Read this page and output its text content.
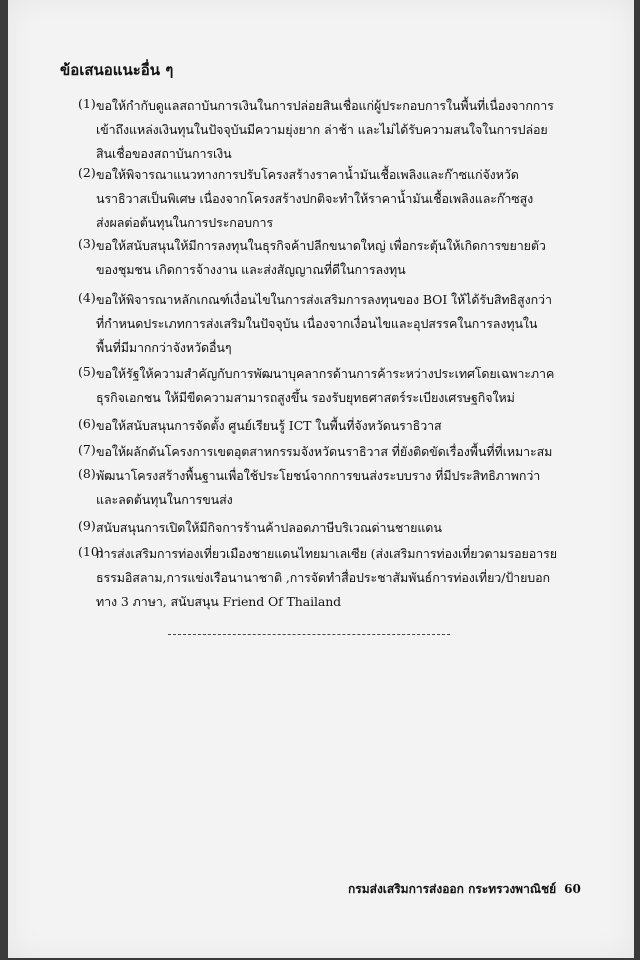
ข้อเสนอแนะอื่น ๆ
(1) ขอให้กำกับดูแลสถาบันการเงินในการปล่อยสินเชื่อแก่ผู้ประกอบการในพื้นที่เนื่องจากการ
เข้าถึงแหล่งเงินทุนในปัจจุบันมีความยุ่งยาก ล่าช้า และไม่ได้รับความสนใจในการปล่อย
สินเชื่อของสถาบันการเงิน
(2) ขอให้พิจารณาแนวทางการปรับโครงสร้างราคาน้ำมันเชื้อเพลิงและก๊าซแก่จังหวัด
นราธิวาสเป็นพิเศษ เนื่องจากโครงสร้างปกติจะทำให้ราคาน้ำมันเชื้อเพลิงและก๊าซสูง
ส่งผลต่อต้นทุนในการประกอบการ
(3) ขอให้สนับสนุนให้มีการลงทุนในธุรกิจค้าปลีกขนาดใหญ่ เพื่อกระตุ้นให้เกิดการขยายตัว
ของชุมชน เกิดการจ้างงาน และส่งสัญญาณที่ดีในการลงทุน
(4) ขอให้พิจารณาหลักเกณฑ์เงื่อนไขในการส่งเสริมการลงทุนของ BOI ให้ได้รับสิทธิสูงกว่า
ที่กำหนดประเภทการส่งเสริมในปัจจุบัน เนื่องจากเงื่อนไขและอุปสรรคในการลงทุนใน
พื้นที่มีมากกว่าจังหวัดอื่นๆ
(5) ขอให้รัฐให้ความสำคัญกับการพัฒนาบุคลากรด้านการค้าระหว่างประเทศโดยเฉพาะภาค
ธุรกิจเอกชน ให้มีขีดความสามารถสูงขึ้น รองรับยุทธศาสตร์ระเบียงเศรษฐกิจใหม่
(6) ขอให้สนับสนุนการจัดตั้ง ศูนย์เรียนรู้ ICT ในพื้นที่จังหวัดนราธิวาส
(7) ขอให้ผลักดันโครงการเขตอุตสาหกรรมจังหวัดนราธิวาส ที่ยังติดขัดเรื่องพื้นที่ที่เหมาะสม
(8) พัฒนาโครงสร้างพื้นฐานเพื่อใช้ประโยชน์จากการขนส่งระบบราง ที่มีประสิทธิภาพกว่า
และลดต้นทุนในการขนส่ง
(9) สนับสนุนการเปิดให้มีกิจการร้านค้าปลอดภาษีบริเวณด่านชายแดน
(10)
การส่งเสริมการท่องเที่ยวเมืองชายแดนไทยมาเลเซีย (ส่งเสริมการท่องเที่ยวตามรอยอารย
ธรรมอิสลาม,การแข่งเรือนานาชาติ ,การจัดทำสื่อประชาสัมพันธ์การท่องเที่ยว/ป้ายบอก
ทาง 3 ภาษา, สนับสนุน Friend Of Thailand
กรมส่งเสริมการส่งออก กระทรวงพาณิชย์ 60
